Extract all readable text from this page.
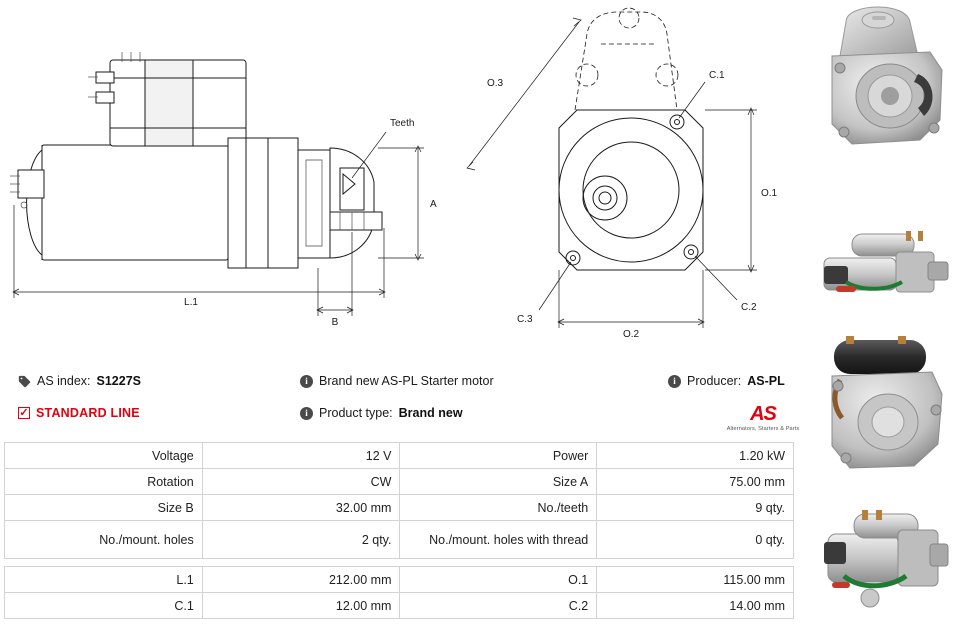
Teeth
A
L.1
B
C.1
C.2
C.3
O.1
O.2
O.3
AS index: S1227S	i Brand new AS-PL Starter motor	i Producer: AS-PL
✓ STANDARD LINE	i Product type: Brand new	AS
Alternators, Starters & Parts
Voltage	12 V	Power	1.20 kW
Rotation	CW	Size A	75.00 mm
Size B	32.00 mm	No./teeth	9 qty.
No./mount. holes	2 qty.	No./mount. holes with thread	0 qty.

L.1	212.00 mm	O.1	115.00 mm
C.1	12.00 mm	C.2	14.00 mm
